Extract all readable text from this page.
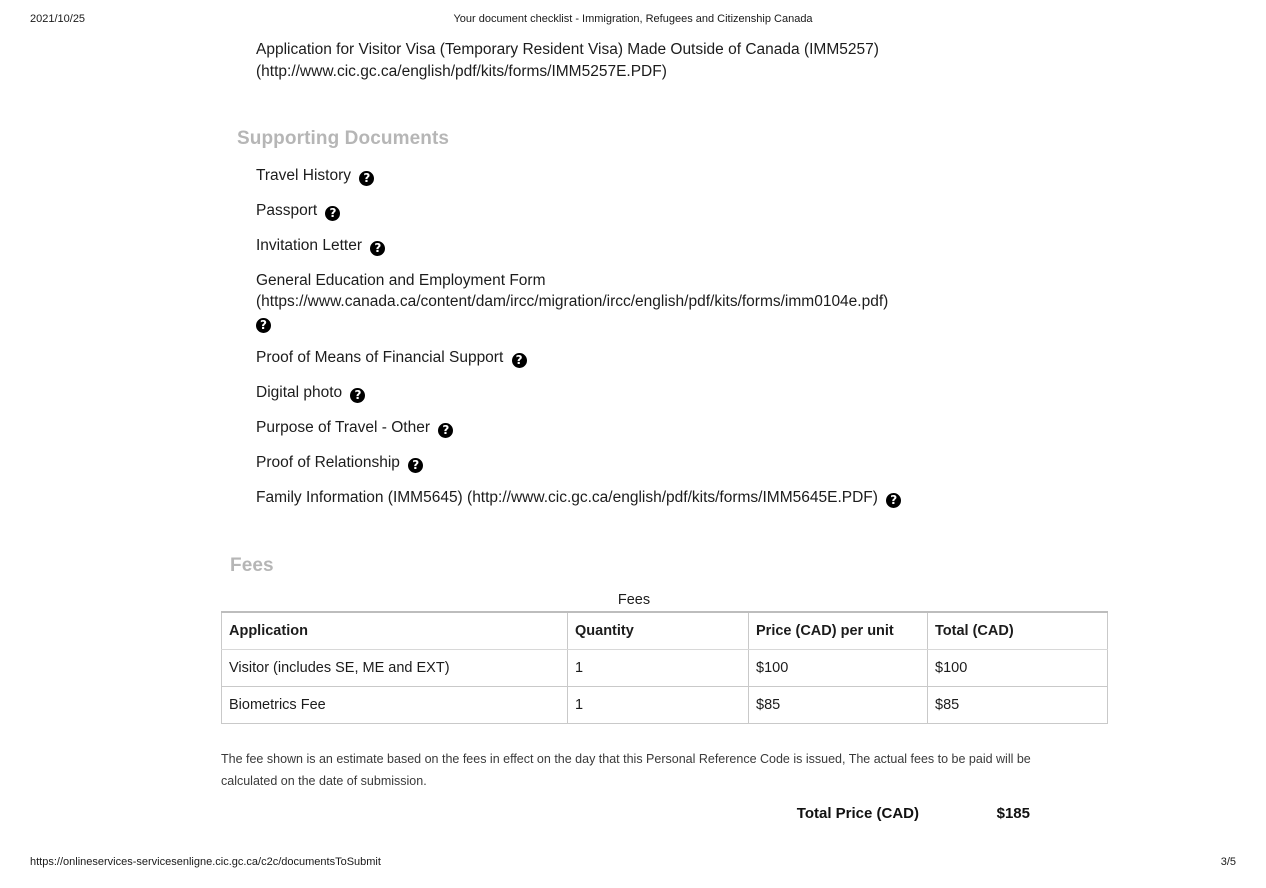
2021/10/25	Your document checklist - Immigration, Refugees and Citizenship Canada
Application for Visitor Visa (Temporary Resident Visa) Made Outside of Canada (IMM5257)
(http://www.cic.gc.ca/english/pdf/kits/forms/IMM5257E.PDF)
Supporting Documents
Travel History ?
Passport ?
Invitation Letter ?
General Education and Employment Form
(https://www.canada.ca/content/dam/ircc/migration/ircc/english/pdf/kits/forms/imm0104e.pdf)
?
Proof of Means of Financial Support ?
Digital photo ?
Purpose of Travel - Other ?
Proof of Relationship ?
Family Information (IMM5645) (http://www.cic.gc.ca/english/pdf/kits/forms/IMM5645E.PDF) ?
Fees
Fees
Application	Quantity	Price (CAD) per unit	Total (CAD)
Visitor (includes SE, ME and EXT)	1	$100	$100
Biometrics Fee	1	$85	$85
The fee shown is an estimate based on the fees in effect on the day that this Personal Reference Code is issued, The actual fees to be paid will be calculated on the date of submission.
Total Price (CAD)	$185
https://onlineservices-servicesenligne.cic.gc.ca/c2c/documentsToSubmit	3/5
